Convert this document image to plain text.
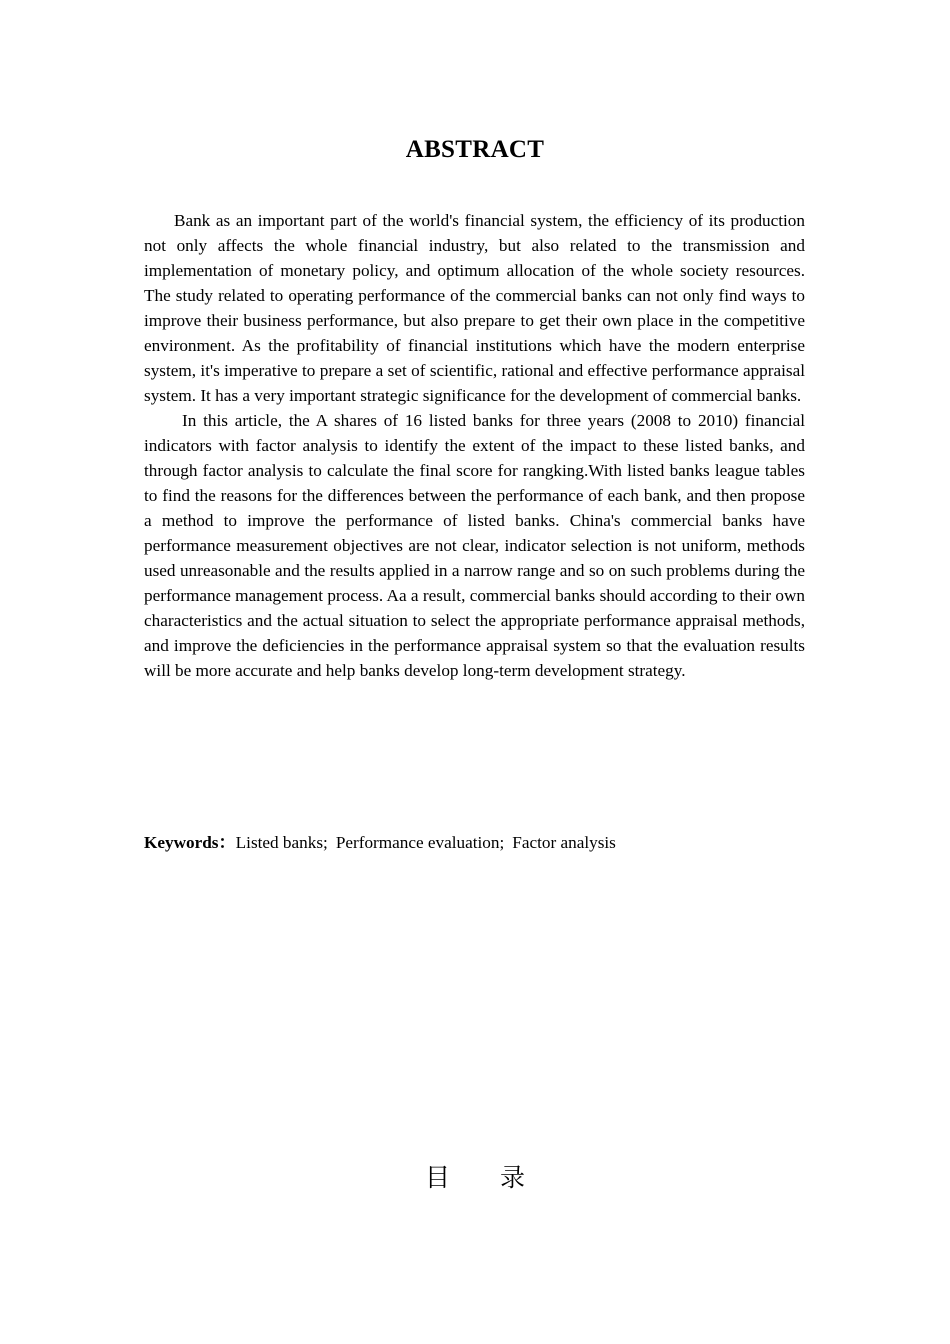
ABSTRACT

Bank as an important part of the world's financial system, the efficiency of its production not only affects the whole financial industry, but also related to the transmission and implementation of monetary policy, and optimum allocation of the whole society resources. The study related to operating performance of the commercial banks can not only find ways to improve their business performance, but also prepare to get their own place in the competitive environment. As the profitability of financial institutions which have the modern enterprise system, it's imperative to prepare a set of scientific, rational and effective performance appraisal system. It has a very important strategic significance for the development of commercial banks.

In this article, the A shares of 16 listed banks for three years (2008 to 2010) financial indicators with factor analysis to identify the extent of the impact to these listed banks, and through factor analysis to calculate the final score for rangking.With listed banks league tables to find the reasons for the differences between the performance of each bank, and then propose a method to improve the performance of listed banks. China's commercial banks have performance measurement objectives are not clear, indicator selection is not uniform, methods used unreasonable and the results applied in a narrow range and so on such problems during the performance management process. Aa a result, commercial banks should according to their own characteristics and the actual situation to select the appropriate performance appraisal methods, and improve the deficiencies in the performance appraisal system so that the evaluation results will be more accurate and help banks develop long-term development strategy.

Keywords：Listed banks; Performance evaluation; Factor analysis
目　　录
